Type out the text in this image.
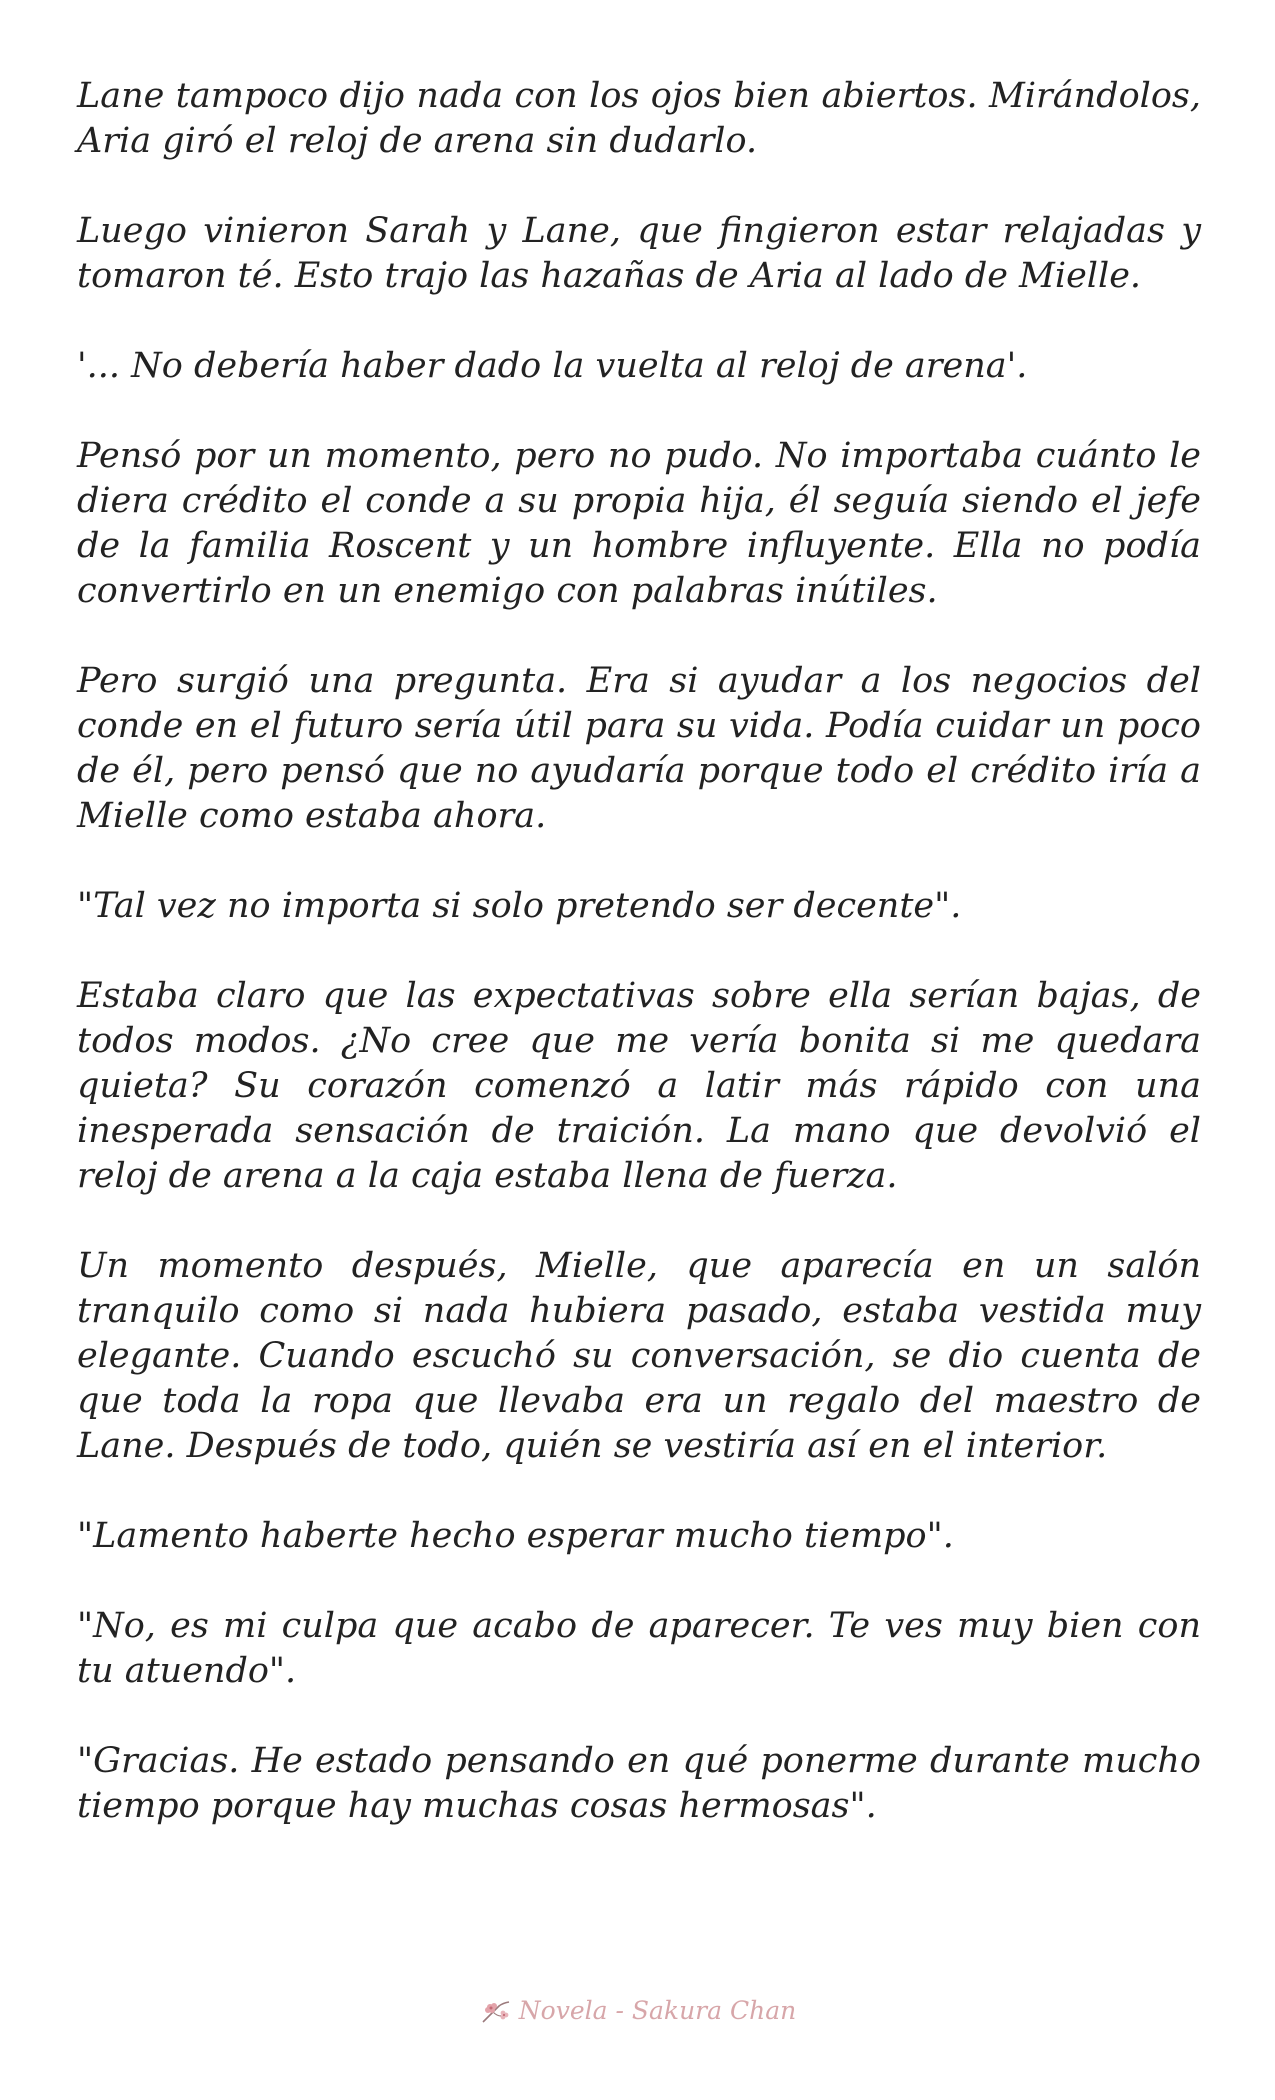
Lane tampoco dijo nada con los ojos bien abiertos. Mirándolos, Aria giró el reloj de arena sin dudarlo.

Luego vinieron Sarah y Lane, que fingieron estar relajadas y tomaron té. Esto trajo las hazañas de Aria al lado de Mielle.

'... No debería haber dado la vuelta al reloj de arena'.

Pensó por un momento, pero no pudo. No importaba cuánto le diera crédito el conde a su propia hija, él seguía siendo el jefe de la familia Roscent y un hombre influyente. Ella no podía convertirlo en un enemigo con palabras inútiles.

Pero surgió una pregunta. Era si ayudar a los negocios del conde en el futuro sería útil para su vida. Podía cuidar un poco de él, pero pensó que no ayudaría porque todo el crédito iría a Mielle como estaba ahora.

"Tal vez no importa si solo pretendo ser decente".

Estaba claro que las expectativas sobre ella serían bajas, de todos modos. ¿No cree que me vería bonita si me quedara quieta? Su corazón comenzó a latir más rápido con una inesperada sensación de traición. La mano que devolvió el reloj de arena a la caja estaba llena de fuerza.

Un momento después, Mielle, que aparecía en un salón tranquilo como si nada hubiera pasado, estaba vestida muy elegante. Cuando escuchó su conversación, se dio cuenta de que toda la ropa que llevaba era un regalo del maestro de Lane. Después de todo, quién se vestiría así en el interior.

"Lamento haberte hecho esperar mucho tiempo".

"No, es mi culpa que acabo de aparecer. Te ves muy bien con tu atuendo".

"Gracias. He estado pensando en qué ponerme durante mucho tiempo porque hay muchas cosas hermosas".

Novela - Sakura Chan
